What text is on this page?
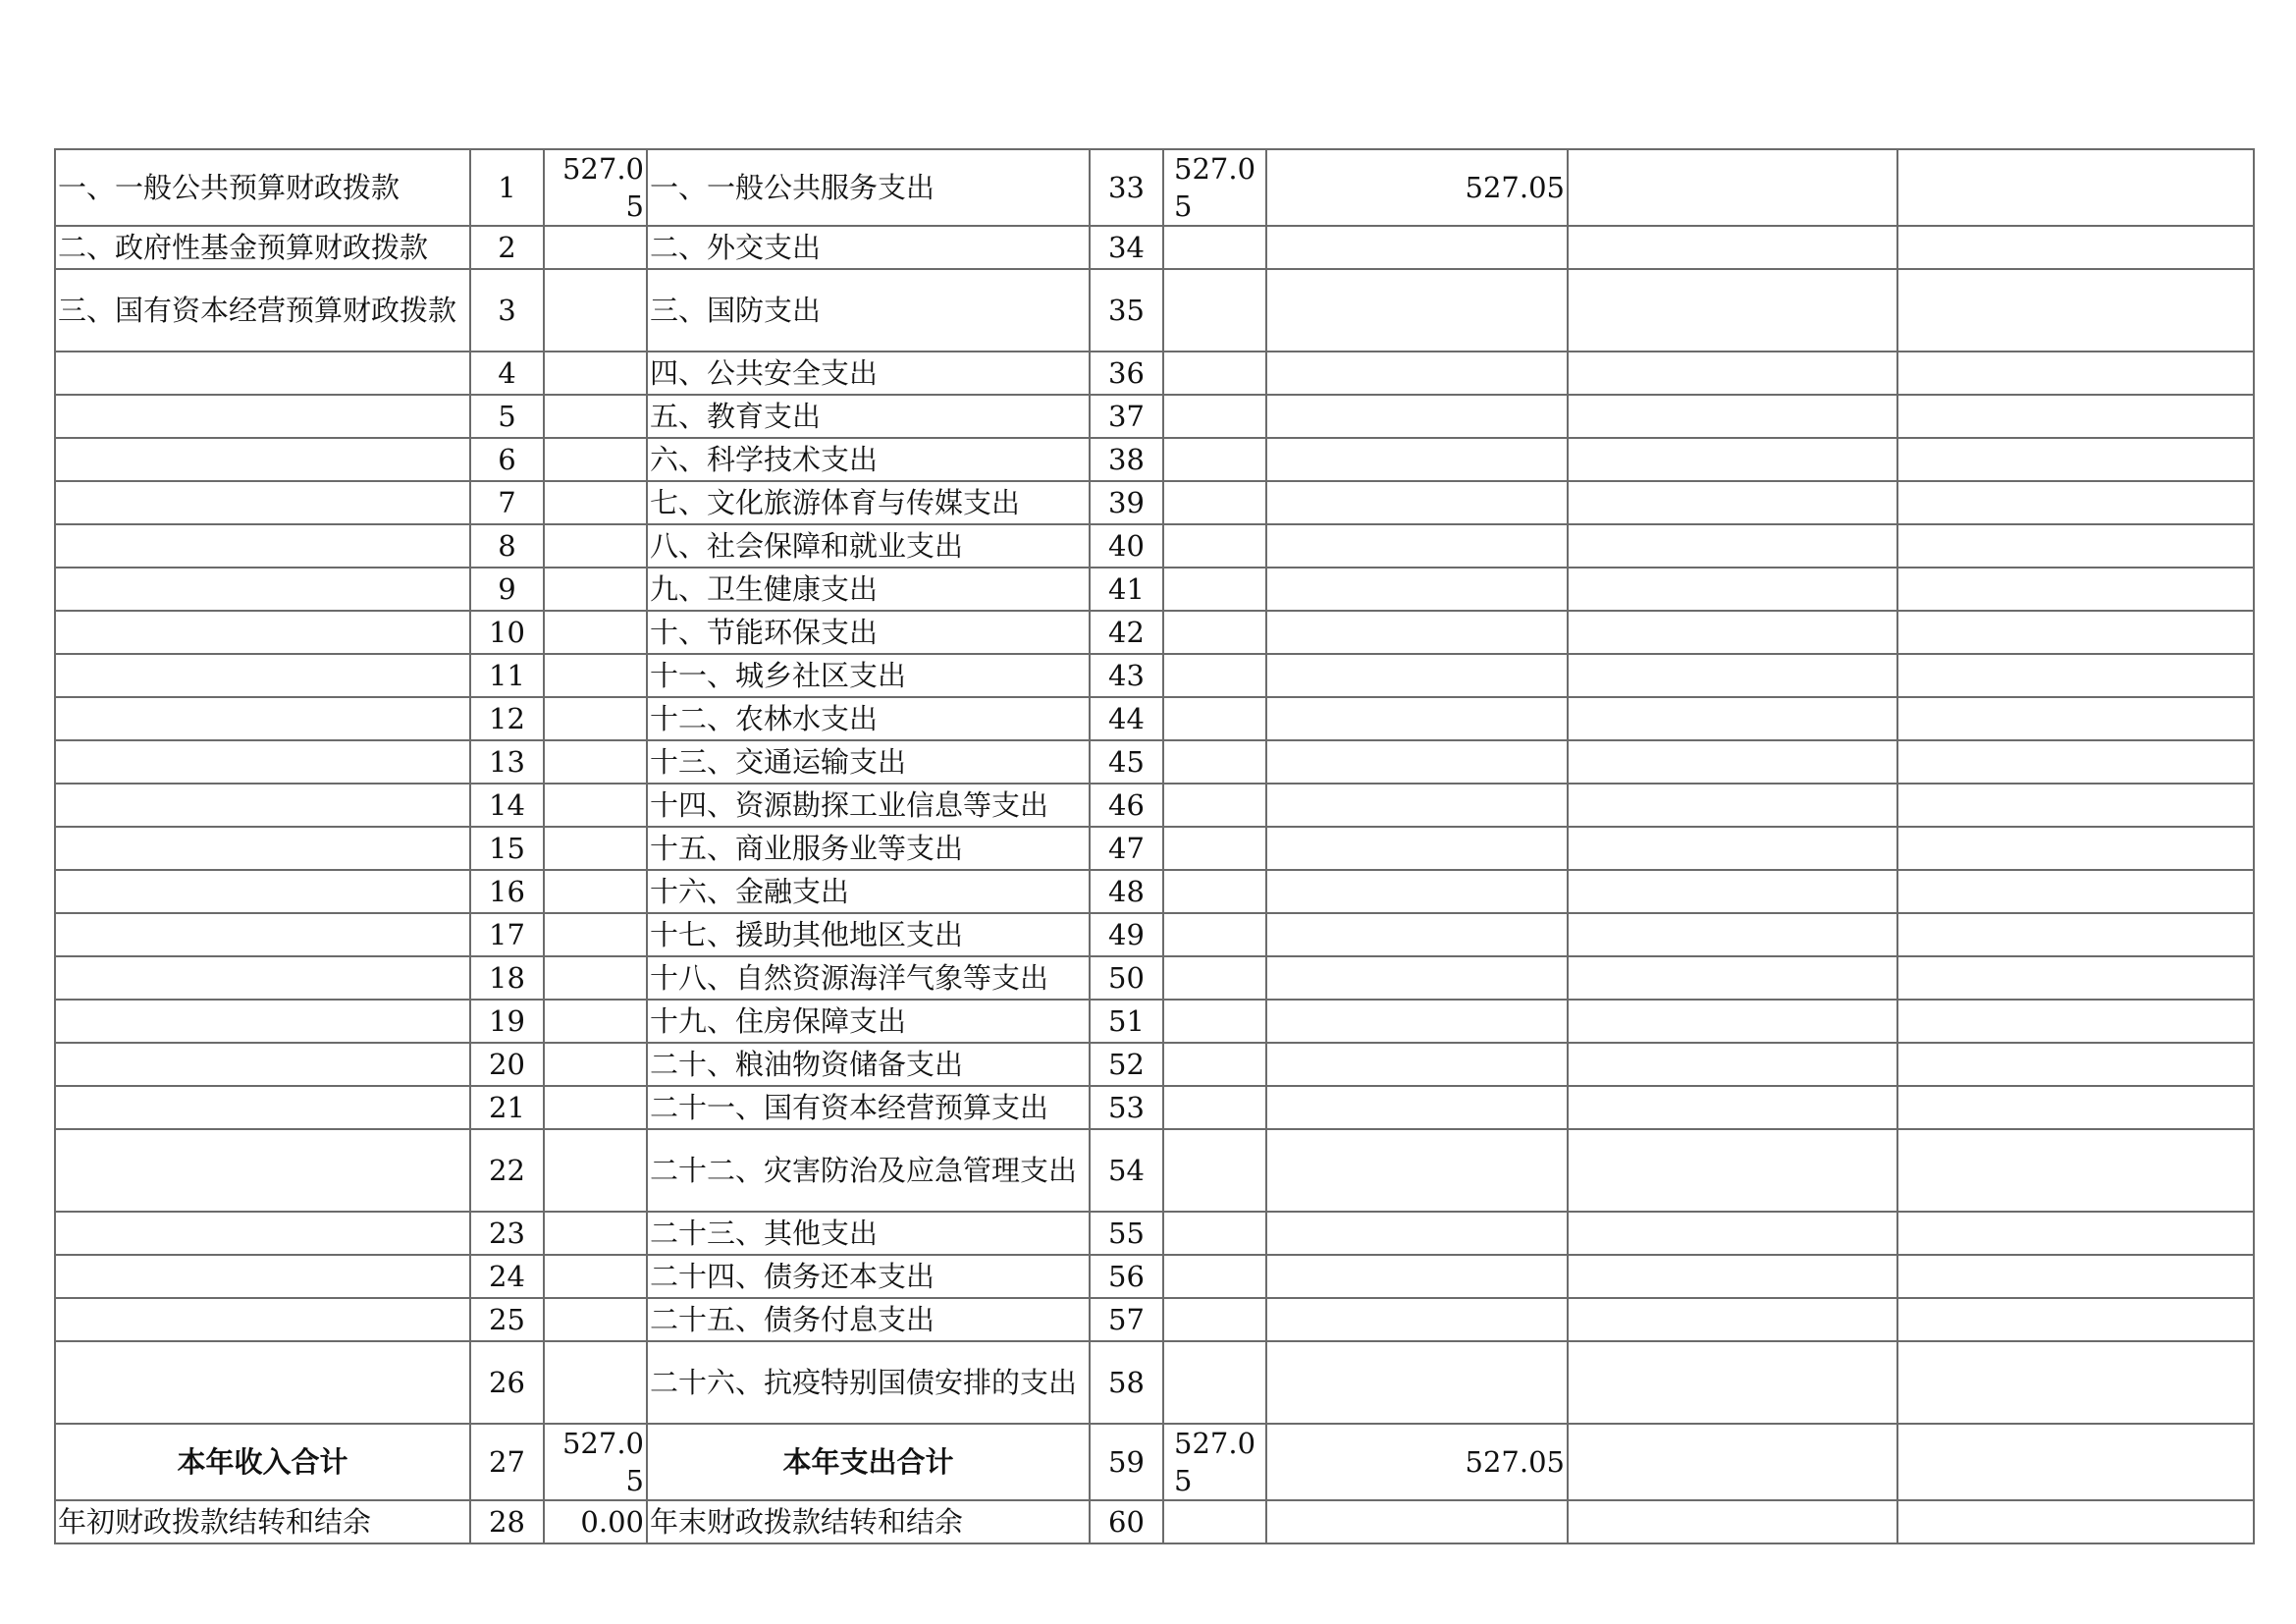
一、一般公共预算财政拨款	1	527.05	一、一般公共服务支出	33	527.05	527.05		
二、政府性基金预算财政拨款	2		二、外交支出	34				
三、国有资本经营预算财政拨款	3		三、国防支出	35				
	4		四、公共安全支出	36				
	5		五、教育支出	37				
	6		六、科学技术支出	38				
	7		七、文化旅游体育与传媒支出	39				
	8		八、社会保障和就业支出	40				
	9		九、卫生健康支出	41				
	10		十、节能环保支出	42				
	11		十一、城乡社区支出	43				
	12		十二、农林水支出	44				
	13		十三、交通运输支出	45				
	14		十四、资源勘探工业信息等支出	46				
	15		十五、商业服务业等支出	47				
	16		十六、金融支出	48				
	17		十七、援助其他地区支出	49				
	18		十八、自然资源海洋气象等支出	50				
	19		十九、住房保障支出	51				
	20		二十、粮油物资储备支出	52				
	21		二十一、国有资本经营预算支出	53				
	22		二十二、灾害防治及应急管理支出	54				
	23		二十三、其他支出	55				
	24		二十四、债务还本支出	56				
	25		二十五、债务付息支出	57				
	26		二十六、抗疫特别国债安排的支出	58				
本年收入合计	27	527.05	本年支出合计	59	527.05	527.05		
年初财政拨款结转和结余	28	0.00	年末财政拨款结转和结余	60				
